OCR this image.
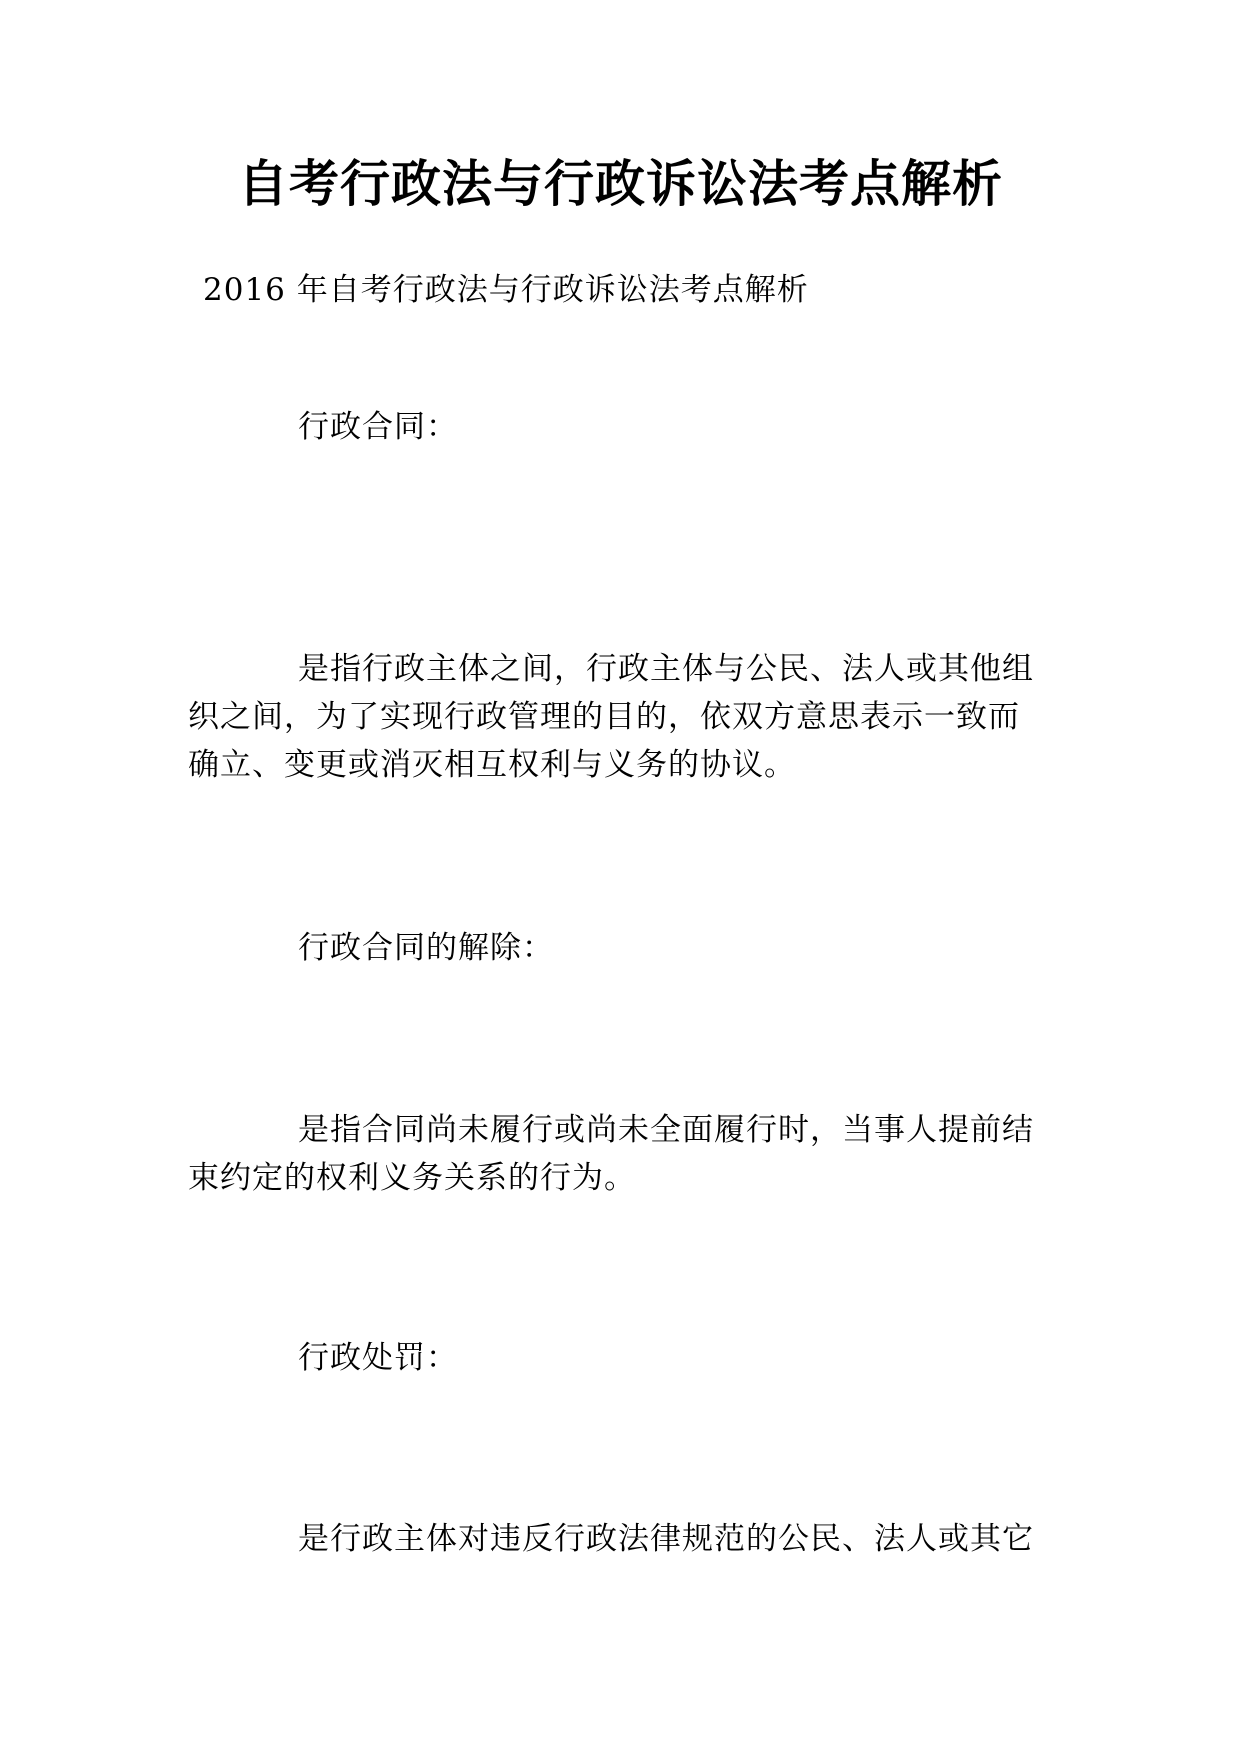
自考行政法与行政诉讼法考点解析
2016 年自考行政法与行政诉讼法考点解析
行政合同：
是指行政主体之间，行政主体与公民、法人或其他组
织之间，为了实现行政管理的目的，依双方意思表示一致而
确立、变更或消灭相互权利与义务的协议。
行政合同的解除：
是指合同尚未履行或尚未全面履行时，当事人提前结
束约定的权利义务关系的行为。
行政处罚：
是行政主体对违反行政法律规范的公民、法人或其它
